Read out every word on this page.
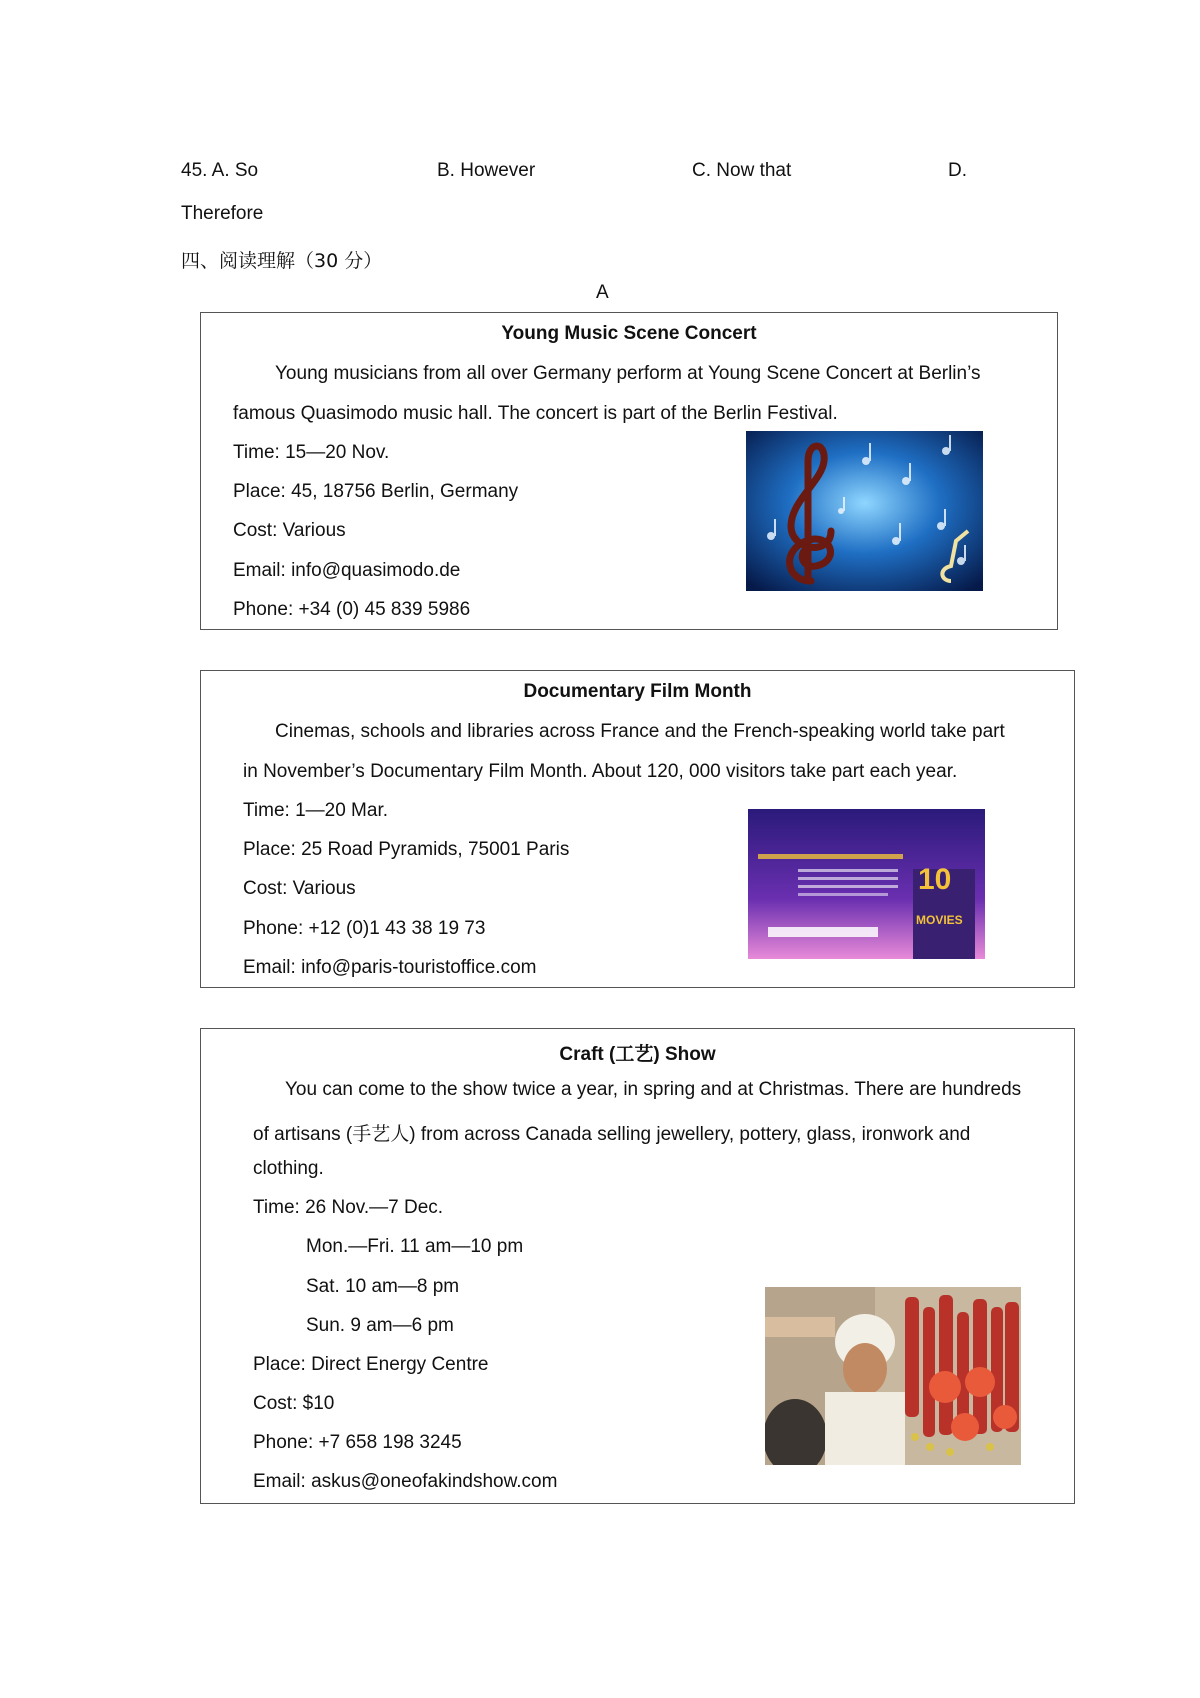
45. A. So	B. However	C. Now that	D.
Therefore
四、阅读理解（30 分）
A
Young Music Scene Concert
Young musicians from all over Germany perform at Young Scene Concert at Berlin’s
famous Quasimodo music hall. The concert is part of the Berlin Festival.
Time: 15—20 Nov.
Place: 45, 18756 Berlin, Germany
Cost: Various
Email: info@quasimodo.de
Phone: +34 (0) 45 839 5986
Documentary Film Month
Cinemas, schools and libraries across France and the French-speaking world take part
in November’s Documentary Film Month. About 120, 000 visitors take part each year.
Time: 1—20 Mar.
Place: 25 Road Pyramids, 75001 Paris
Cost: Various
Phone: +12 (0)1 43 38 19 73
Email: info@paris-touristoffice.com
10
MOVIES
Craft (工艺) Show
You can come to the show twice a year, in spring and at Christmas. There are hundreds
of artisans (手艺人) from across Canada selling jewellery, pottery, glass, ironwork and
clothing.
Time: 26 Nov.—7 Dec.
Mon.—Fri. 11 am—10 pm
Sat. 10 am—8 pm
Sun. 9 am—6 pm
Place: Direct Energy Centre
Cost: $10
Phone: +7 658 198 3245
Email: askus@oneofakindshow.com
